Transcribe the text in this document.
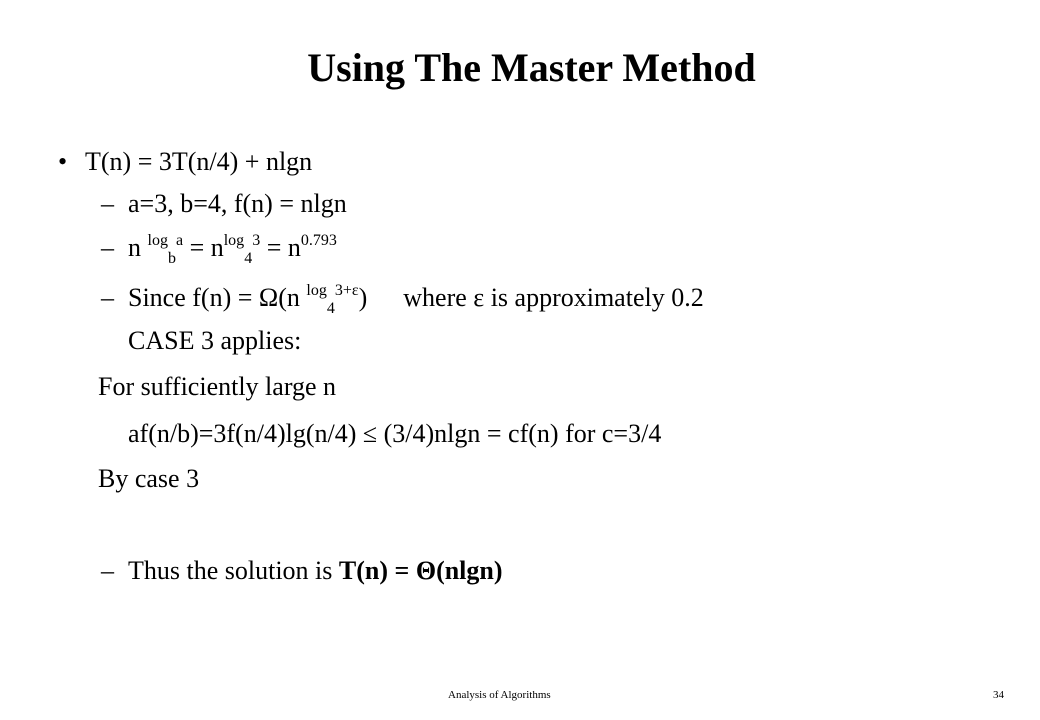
Using The Master Method
• T(n) = 3T(n/4) + nlgn
– a=3, b=4, f(n) = nlgn
– n $^{log}_b^a = n^{log}_4^3 = n^{0.793}$
– Since f(n) = Ω(n $^{log}_4^{3+\varepsilon}$) where ε is approximately 0.2
CASE 3 applies:
For sufficiently large n
af(n/b)=3f(n/4)lg(n/4) ≤ (3/4)nlgn = cf(n) for c=3/4
By case 3
– Thus the solution is T(n) = Θ(nlgn)
Analysis of Algorithms	34
